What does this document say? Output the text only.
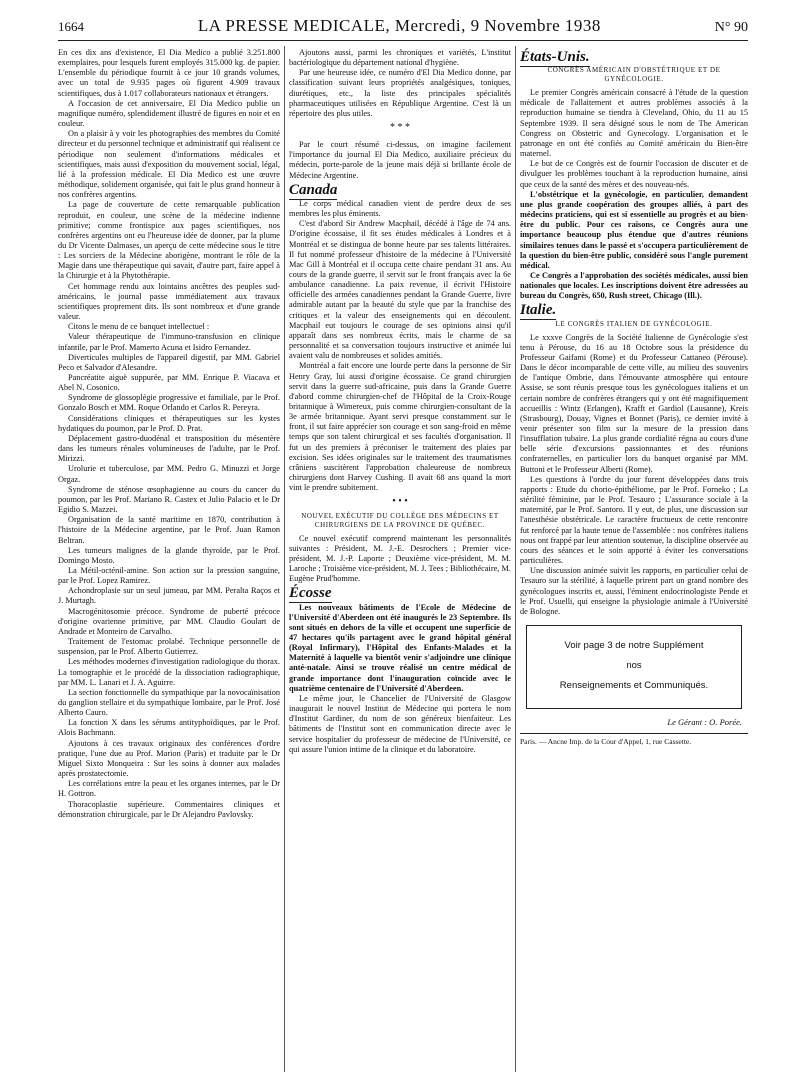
1664	LA PRESSE MEDICALE, Mercredi, 9 Novembre 1938	N° 90

En ces dix ans d'existence, El Dia Medico a publié 3.251.800 exemplaires, pour lesquels furent employés 315.000 kg. de papier. L'ensemble du périodique fournit à ce jour 10 grands volumes, avec un total de 9.935 pages où figurent 4.909 travaux scientifiques, dus à 1.017 collaborateurs nationaux et étrangers.

A l'occasion de cet anniversaire, El Dia Medico publie un magnifique numéro, splendidement illustré de figures en noir et en couleur.

On a plaisir à y voir les photographies des membres du Comité directeur et du personnel technique et administratif qui réalisent ce périodique non seulement d'informations médicales et scientifiques, mais aussi d'exposition du mouvement social, légal, lié à la profession médicale. El Dia Medico est une œuvre méthodique, solidement organisée, qui fait le plus grand honneur à nos confrères argentins.

La page de couverture de cette remarquable publication reproduit, en couleur, une scène de la médecine indienne primitive; comme frontispice aux pages scientifiques, nos confrères argentins ont eu l'heureuse idée de donner, par la plume du Dr Vicente Dalmases, un aperçu de cette médecine sous le titre : Les sorciers de la Médecine aborigène, montrant le rôle de la Magie dans une thérapeutique qui savait, d'autre part, faire appel à la Chirurgie et à la Phytothérapie.

Cet hommage rendu aux lointains ancêtres des peuples sud-américains, le journal passe immédiatement aux travaux scientifiques proprement dits. Ils sont nombreux et d'une grande valeur.

Citons le menu de ce banquet intellectuel :

Valeur thérapeutique de l'immuno-transfusion en clinique infantile, par le Prof. Mamerto Acuna et Isidro Fernandez.

Diverticules multiples de l'appareil digestif, par MM. Gabriel Peco et Salvador d'Alesandre.

Pancréatite aiguë suppurée, par MM. Enrique P. Viacava et Abel N. Cosonico.

Syndrome de glossoplégie progressive et familiale, par le Prof. Gonzalo Bosch et MM. Roque Orlando et Carlos R. Pereyra.

Considérations cliniques et thérapeutiques sur les kystes hydatiques du poumon, par le Prof. D. Prat.

Déplacement gastro-duodénal et transposition du mésentère dans les tumeurs rénales volumineuses de l'adulte, par le Prof. Mirizzi.

Urolurie et tuberculose, par MM. Pedro G. Minuzzi et Jorge Orgaz.

Syndrome de sténose œsophagienne au cours du cancer du poumon, par les Prof. Mariano R. Castex et Julio Palacio et le Dr Egidio S. Mazzei.

Organisation de la santé maritime en 1870, contribution à l'histoire de la Médecine argentine, par le Prof. Juan Ramon Beltran.

Les tumeurs malignes de la glande thyroïde, par le Prof. Domingo Mosto.

La Métil-octénil-amine. Son action sur la pression sanguine, par le Prof. Lopez Ramirez.

Achondroplasie sur un seul jumeau, par MM. Peralta Raços et J. Murtagh.

Macrogénitosomie précoce. Syndrome de puberté précoce d'origine ovarienne primitive, par MM. Claudio Goulart de Andrade et Monteiro de Carvalho.

Traitement de l'estomac prolabé. Technique personnelle de suspension, par le Prof. Alberto Gutierrez.

Les méthodes modernes d'investigation radiologique du thorax. La tomographie et le procédé de la dissociation radiographique, par MM. L. Lanari et J. A. Aguirre.

La section fonctionnelle du sympathique par la novocaïnisation du ganglion stellaire et du sympathique lombaire, par le Prof. José Alberto Cauro.

La fonction X dans les sérums antityphoïdiques, par le Prof. Alois Bachmann.

Ajoutons à ces travaux originaux des conférences d'ordre pratique, l'une due au Prof. Marion (Paris) et traduite par le Dr Miguel Sixto Monqueira : Sur les soins à donner aux malades après prostatectomie.

Les corrélations entre la peau et les organes internes, par le Dr H. Gottron.

Thoracoplastie supérieure. Commentaires cliniques et démonstration chirurgicale, par le Dr Alejandro Pavlovsky.

Ajoutons aussi, parmi les chroniques et variétés, L'institut bactériologique du département national d'hygiène.

Par une heureuse idée, ce numéro d'El Dia Medico donne, par classification suivant leurs propriétés analgésiques, toniques, diurétiques, etc., la liste des principales spécialités pharmaceutiques utilisées en République Argentine. C'est là un répertoire des plus utiles.

* * *

Par le court résumé ci-dessus, on imagine facilement l'importance du journal El Dia Medico, auxiliaire précieux du médecin, porte-parole de la jeune mais déjà si brillante école de Médecine Argentine.

Canada

Le corps médical canadien vient de perdre deux de ses membres les plus éminents.

C'est d'abord Sir Andrew Macphail, décédé à l'âge de 74 ans. D'origine écossaise, il fit ses études médicales à Londres et à Montréal et se distingua de bonne heure par ses talents littéraires. Il fut nommé professeur d'histoire de la médecine à l'Université Mac Gill à Montréal et il occupa cette chaire pendant 31 ans. Au cours de la grande guerre, il servit sur le front français avec la 6e ambulance canadienne. La paix revenue, il écrivit l'Histoire officielle des armées canadiennes pendant la Grande Guerre, livre admirable autant par la beauté du style que par la franchise des critiques et la valeur des enseignements qui en découlent. Macphail eut toujours le courage de ses opinions ainsi qu'il apparaît dans ses nombreux écrits, mais le charme de sa personnalité et sa conversation toujours instructive et animée lui avaient valu de nombreuses et solides amitiés.

Montréal a fait encore une lourde perte dans la personne de Sir Henry Gray, lui aussi d'origine écossaise. Ce grand chirurgien servit dans la guerre sud-africaine, puis dans la Grande Guerre d'abord comme chirurgien-chef de l'Hôpital de la Croix-Rouge britannique à Wimereux, puis comme chirurgien-consultant de la 3e armée britannique. Ayant servi presque constamment sur le front, il sut faire apprécier son courage et son sang-froid en même temps que son talent chirurgical et ses facultés d'organisation. Il fut un des premiers à préconiser le traitement des plaies par excision. Ses idées originales sur le traitement des traumatismes crâniens suscitèrent l'approbation chaleureuse de nombreux chirurgiens dont Harvey Cushing. Il avait 68 ans quand la mort vint le prendre subitement.

• • •

NOUVEL EXÉCUTIF DU COLLÈGE DES MÉDECINS ET CHIRURGIENS DE LA PROVINCE DE QUÉBEC.

Ce nouvel exécutif comprend maintenant les personnalités suivantes : Président, M. J.-E. Desrochers ; Premier vice-président, M. J.-P. Laporte ; Deuxième vice-président, M. M. Laroche ; Troisième vice-président, M. J. Tees ; Bibliothécaire, M. Eugène Prud'homme.

Écosse

Les nouveaux bâtiments de l'Ecole de Médecine de l'Université d'Aberdeen ont été inaugurés le 23 Septembre. Ils sont situés en dehors de la ville et occupent une superficie de 47 hectares qu'ils partagent avec le grand hôpital général (Royal Infirmary), l'Hôpital des Enfants-Malades et la Maternité à laquelle va bientôt venir s'adjoindre une clinique anté-natale. Ainsi se trouve réalisé un centre médical de grande importance dont l'inauguration coïncide avec le quatrième centenaire de l'Université d'Aberdeen.

Le même jour, le Chancelier de l'Université de Glasgow inaugurait le nouvel Institut de Médecine qui portera le nom d'Institut Gardiner, du nom de son généreux bienfaiteur. Les bâtiments de l'Institut sont en communication directe avec le service hospitalier du professeur de médecine de l'Université, ce qui assure l'union intime de la clinique et du laboratoire.

États-Unis.

CONGRÈS AMÉRICAIN D'OBSTÉTRIQUE ET DE GYNÉCOLOGIE.

Le premier Congrès américain consacré à l'étude de la question médicale de l'allaitement et autres problèmes associés à la reproduction humaine se tiendra à Cleveland, Ohio, du 11 au 15 Septembre 1939. Il sera désigné sous le nom de The American Congress on Obstetric and Gynecology. L'organisation et le patronage en ont été confiés au Comité américain du Bien-être maternel.

Le but de ce Congrès est de fournir l'occasion de discuter et de divulguer les problèmes touchant à la reproduction humaine, ainsi que ceux de la santé des mères et des nouveau-nés.

L'obstétrique et la gynécologie, en particulier, demandent une plus grande coopération des groupes alliés, à part des médecins praticiens, qui est si essentielle au progrès et au bien-être du public. Pour ces raisons, ce Congrès aura une importance beaucoup plus étendue que d'autres réunions similaires tenues dans le passé et s'occupera particulièrement de la question du bien-être public, considéré sous l'angle purement médical.

Ce Congrès a l'approbation des sociétés médicales, aussi bien nationales que locales. Les inscriptions doivent être adressées au bureau du Congrès, 650, Rush street, Chicago (Ill.).

Italie.

LE CONGRÈS ITALIEN DE GYNÉCOLOGIE.

Le xxxve Congrès de la Société Italienne de Gynécologie s'est tenu à Pérouse, du 16 au 18 Octobre sous la présidence du Professeur Gaifami (Rome) et du Professeur Cattaneo (Pérouse). Dans le décor incomparable de cette ville, au milieu des souvenirs de l'antique Ombrie, dans l'émouvante atmosphère qui entoure Assise, se sont réunis presque tous les gynécologues italiens et un certain nombre de confrères étrangers qui y ont été magnifiquement accueillis : Wintz (Erlangen), Krafft et Gardiol (Lausanne), Kreis (Strasbourg), Douay, Vignes et Bonnet (Paris), ce dernier invité à venir présenter son film sur la mesure de la pression dans l'insufflation tubaire. La plus grande cordialité régna au cours d'une belle série d'excursions passionnantes et des réunions confraternelles, en particulier lors du banquet organisé par MM. Buttoni et le Professeur Alberti (Rome).

Les questions à l'ordre du jour furent développées dans trois rapports : Etude du chorio-épithéliome, par le Prof. Forneko ; La stérilité féminine, par le Prof. Tesauro ; L'assurance sociale à la maternité, par le Prof. Santoro. Il y eut, de plus, une discussion sur l'anesthésie obstétricale. Le caractère fructueux de cette rencontre fut renforcé par la haute tenue de l'assemblée : nos confrères italiens nous ont frappé par leur attention soutenue, la discipline observée au cours des séances et le soin apporté à éviter les conversations particulières.

Une discussion animée suivit les rapports, en particulier celui de Tesauro sur la stérilité, à laquelle prirent part un grand nombre des gynécologues inscrits et, aussi, l'éminent endocrinologiste Pende et le Prof. Usuelli, qui enseigne la physiologie animale à l'Université de Bologne.

Voir page 3 de notre Supplément
nos
Renseignements et Communiqués.
Le Gérant : O. Porée.

Paris. — Ancne Imp. de la Cour d'Appel, 1, rue Cassette.
